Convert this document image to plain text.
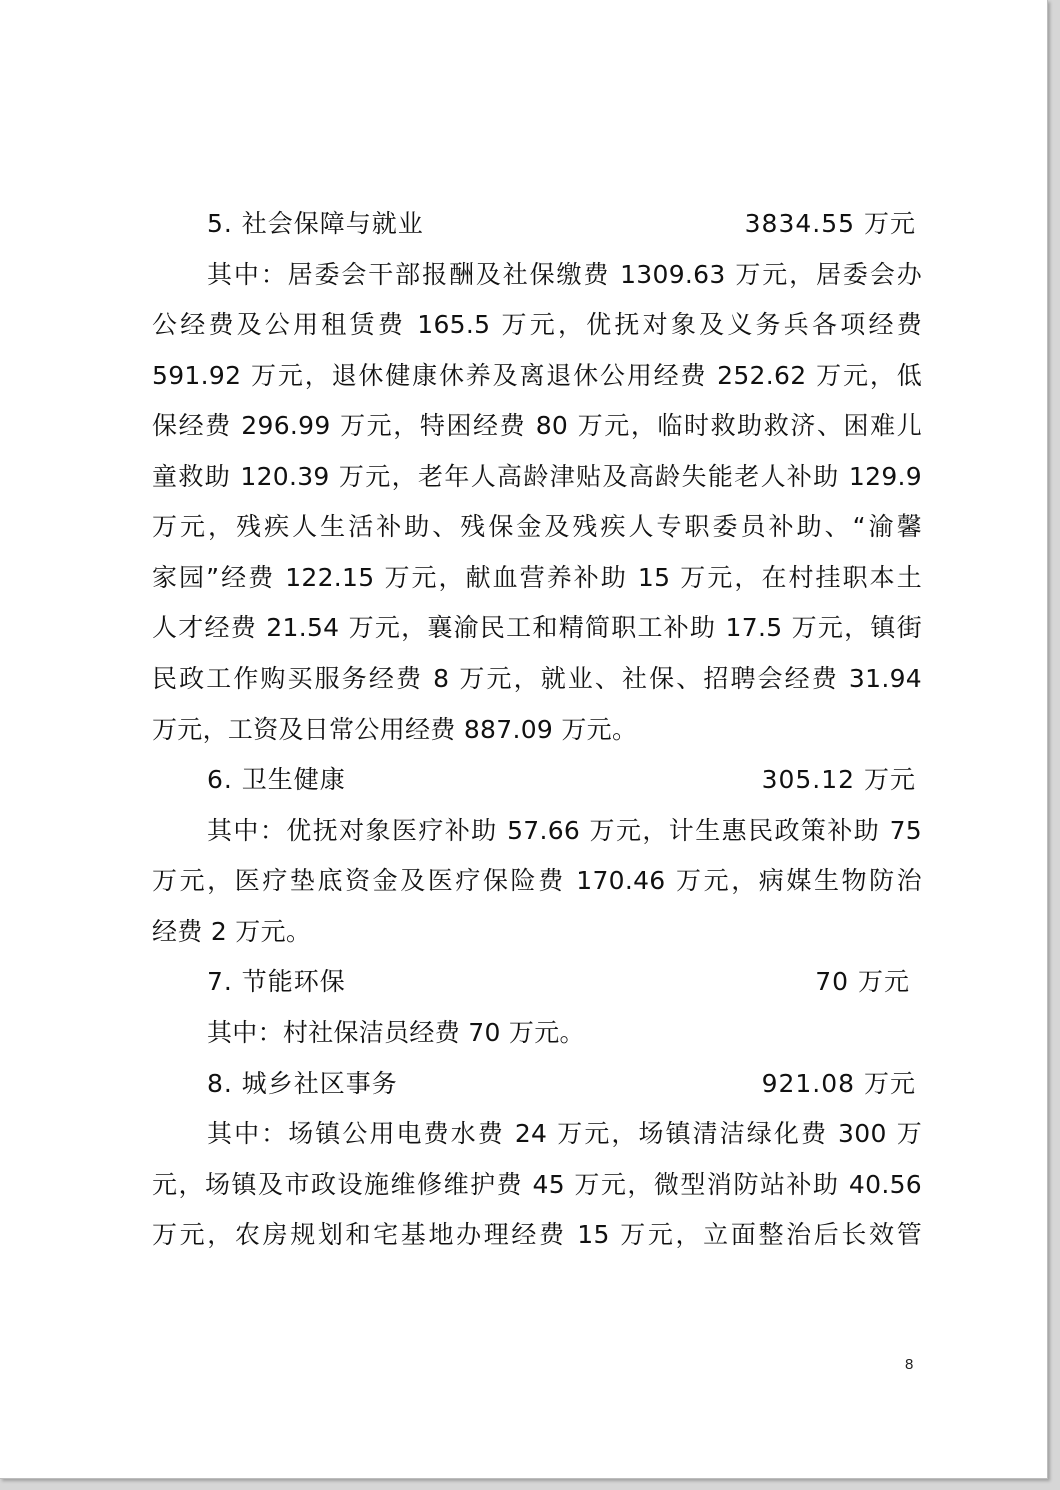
5. 社会保障与就业	3834.55 万元
其中：居委会干部报酬及社保缴费 1309.63 万元，居委会办
公经费及公用租赁费 165.5 万元，优抚对象及义务兵各项经费
591.92 万元，退休健康休养及离退休公用经费 252.62 万元，低
保经费 296.99 万元，特困经费 80 万元，临时救助救济、困难儿
童救助 120.39 万元，老年人高龄津贴及高龄失能老人补助 129.9
万元，残疾人生活补助、残保金及残疾人专职委员补助、“渝馨
家园”经费 122.15 万元，献血营养补助 15 万元，在村挂职本土
人才经费 21.54 万元，襄渝民工和精简职工补助 17.5 万元，镇街
民政工作购买服务经费 8 万元，就业、社保、招聘会经费 31.94
万元，工资及日常公用经费 887.09 万元。
6. 卫生健康	305.12 万元
其中：优抚对象医疗补助 57.66 万元，计生惠民政策补助 75
万元，医疗垫底资金及医疗保险费 170.46 万元，病媒生物防治
经费 2 万元。
7. 节能环保	70 万元
其中：村社保洁员经费 70 万元。
8. 城乡社区事务	921.08 万元
其中：场镇公用电费水费 24 万元，场镇清洁绿化费 300 万
元，场镇及市政设施维修维护费 45 万元，微型消防站补助 40.56
万元，农房规划和宅基地办理经费 15 万元，立面整治后长效管
8
